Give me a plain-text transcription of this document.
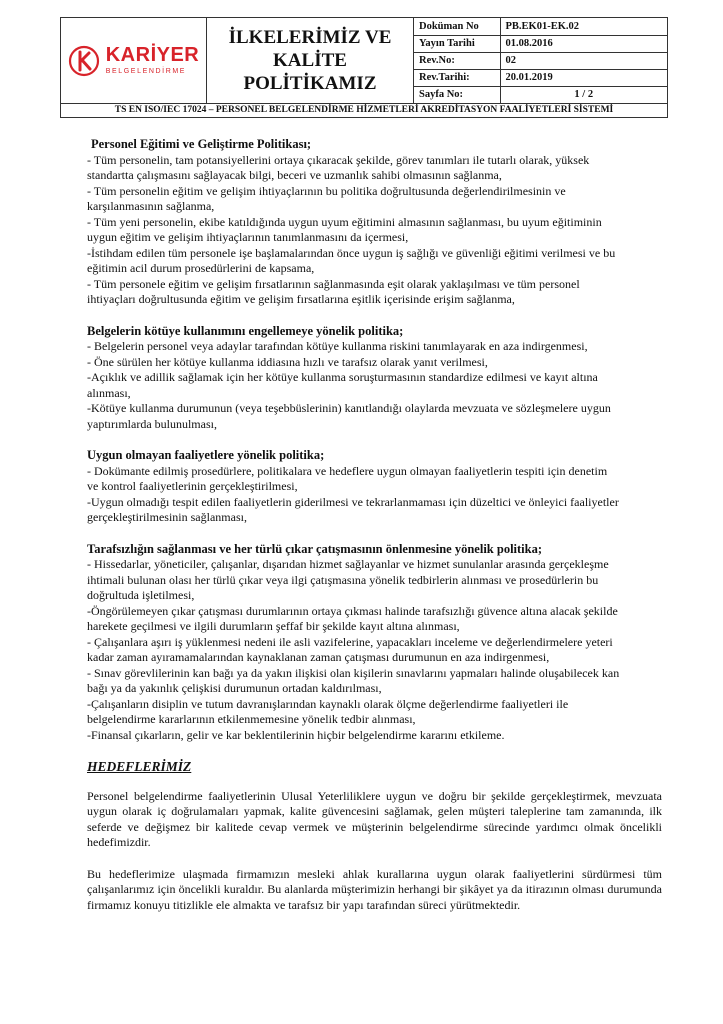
KARİYER
BELGELENDİRME
İLKELERİMİZ VE KALİTE POLİTİKAMIZ
Doküman No	PB.EK01-EK.02
Yayın Tarihi	01.08.2016
Rev.No:	02
Rev.Tarihi:	20.01.2019
Sayfa No:	1 / 2
TS EN ISO/IEC 17024 – PERSONEL BELGELENDİRME HİZMETLERİ AKREDİTASYON FAALİYETLERİ SİSTEMİ
Personel Eğitimi ve Geliştirme Politikası;
- Tüm personelin, tam potansiyellerini ortaya çıkaracak şekilde, görev tanımları ile tutarlı olarak, yüksek
standartta çalışmasını sağlayacak bilgi, beceri ve uzmanlık sahibi olmasının sağlanma,
- Tüm personelin eğitim ve gelişim ihtiyaçlarının bu politika doğrultusunda değerlendirilmesinin ve
karşılanmasının sağlanma,
- Tüm yeni personelin, ekibe katıldığında uygun uyum eğitimini almasının sağlanması, bu uyum eğitiminin
uygun eğitim ve gelişim ihtiyaçlarının tanımlanmasını da içermesi,
-İstihdam edilen tüm personele işe başlamalarından önce uygun iş sağlığı ve güvenliği eğitimi verilmesi ve bu
eğitimin acil durum prosedürlerini de kapsama,
- Tüm personele eğitim ve gelişim fırsatlarının sağlanmasında eşit olarak yaklaşılması ve tüm personel
ihtiyaçları doğrultusunda eğitim ve gelişim fırsatlarına eşitlik içerisinde erişim sağlanma,
Belgelerin kötüye kullanımını engellemeye yönelik politika;
- Belgelerin personel veya adaylar tarafından kötüye kullanma riskini tanımlayarak en aza indirgenmesi,
- Öne sürülen her kötüye kullanma iddiasına hızlı ve tarafsız olarak yanıt verilmesi,
-Açıklık ve adillik sağlamak için her kötüye kullanma soruşturmasının standardize edilmesi ve kayıt altına
alınması,
-Kötüye kullanma durumunun (veya teşebbüslerinin) kanıtlandığı olaylarda mevzuata ve sözleşmelere uygun
yaptırımlarda bulunulması,
Uygun olmayan faaliyetlere yönelik politika;
- Dokümante edilmiş prosedürlere, politikalara ve hedeflere uygun olmayan faaliyetlerin tespiti için denetim
ve kontrol faaliyetlerinin gerçekleştirilmesi,
-Uygun olmadığı tespit edilen faaliyetlerin giderilmesi ve tekrarlanmaması için düzeltici ve önleyici faaliyetler
gerçekleştirilmesinin sağlanması,
Tarafsızlığın sağlanması ve her türlü çıkar çatışmasının önlenmesine yönelik politika;
- Hissedarlar, yöneticiler, çalışanlar, dışarıdan hizmet sağlayanlar ve hizmet sunulanlar arasında gerçekleşme
ihtimali bulunan olası her türlü çıkar veya ilgi çatışmasına yönelik tedbirlerin alınması ve prosedürlerin bu
doğrultuda işletilmesi,
-Öngörülemeyen çıkar çatışması durumlarının ortaya çıkması halinde tarafsızlığı güvence altına alacak şekilde
harekete geçilmesi ve ilgili durumların şeffaf bir şekilde kayıt altına alınması,
- Çalışanlara aşırı iş yüklenmesi nedeni ile asli vazifelerine, yapacakları inceleme ve değerlendirmelere yeteri
kadar zaman ayıramamalarından kaynaklanan zaman çatışması durumunun en aza indirgenmesi,
- Sınav görevlilerinin kan bağı ya da yakın ilişkisi olan kişilerin sınavlarını yapmaları halinde oluşabilecek kan
bağı ya da yakınlık çelişkisi durumunun ortadan kaldırılması,
-Çalışanların disiplin ve tutum davranışlarından kaynaklı olarak ölçme değerlendirme faaliyetleri ile
belgelendirme kararlarının etkilenmemesine yönelik tedbir alınması,
-Finansal çıkarların, gelir ve kar beklentilerinin hiçbir belgelendirme kararını etkileme.
HEDEFLERİMİZ
Personel belgelendirme faaliyetlerinin Ulusal Yeterliliklere uygun ve doğru bir şekilde gerçekleştirmek, mevzuata uygun olarak iç doğrulamaları yapmak, kalite güvencesini sağlamak, gelen müşteri taleplerine tam zamanında, ilk seferde ve değişmez bir kalitede cevap vermek ve müşterinin belgelendirme sürecinde yardımcı olmak öncelikli hedefimizdir.
Bu hedeflerimize ulaşmada firmamızın mesleki ahlak kurallarına uygun olarak faaliyetlerini sürdürmesi tüm çalışanlarımız için öncelikli kuraldır. Bu alanlarda müşterimizin herhangi bir şikâyet ya da itirazının olması durumunda firmamız konuyu titizlikle ele almakta ve tarafsız bir yapı tarafından süreci yürütmektedir.
